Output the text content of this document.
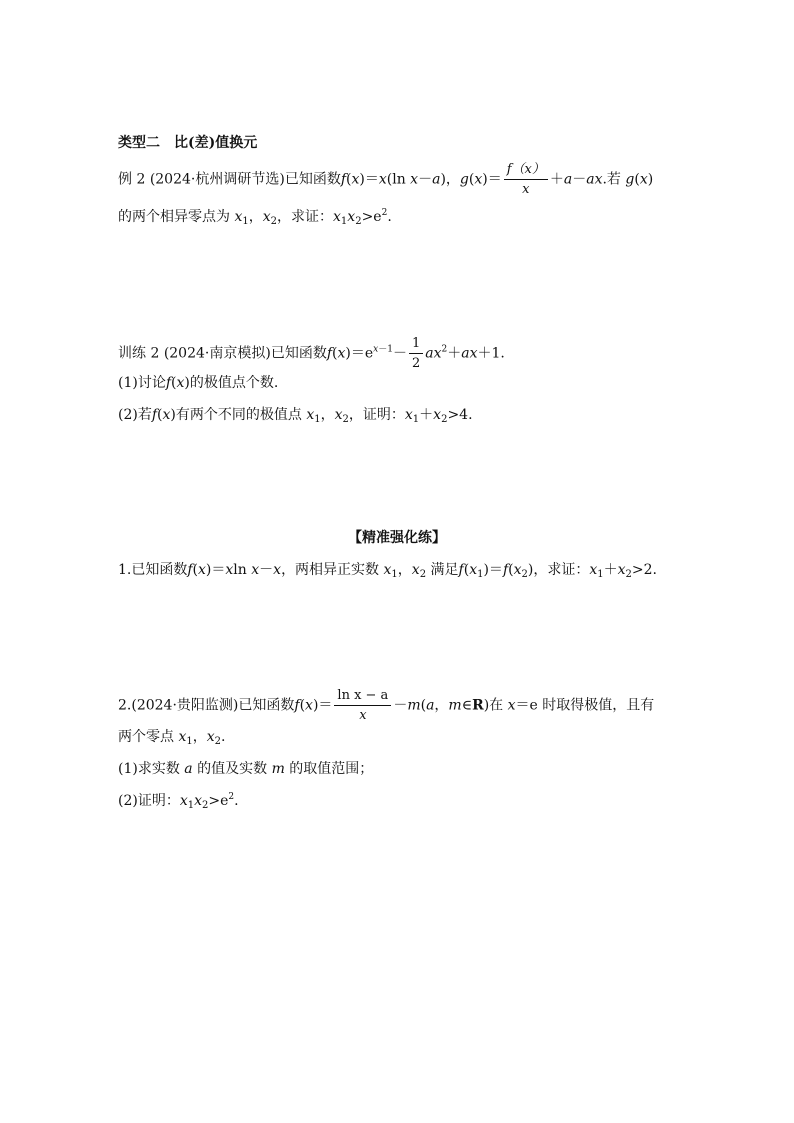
类型二　比(差)值换元
例 2 (2024·杭州调研节选)已知函数f(x)＝x(ln x－a)，$g(x)= \frac{f(x)}{x} +a-ax$.若 g(x)
的两个相异零点为 $x_1$，$x_2$，求证：$x_1x_2>e^2$.
训练 2 (2024·南京模拟)已知函数$f(x)=e^{x-1}- \frac{1}{2} ax^2+ax+1$.
(1)讨论f(x)的极值点个数.
(2)若f(x)有两个不同的极值点 $x_1$，$x_2$，证明：$x_1+x_2>4$.
【精准强化练】
1.已知函数f(x)＝xln x－x，两相异正实数 $x_1$，$x_2$ 满足$f(x_1)=f(x_2)$，求证：$x_1+x_2>2$.
2.(2024·贵阳监测)已知函数$f(x)= \frac{\text{ln x − a}}{x} -m(a$，m∈R)在 x＝e 时取得极值，且有
两个零点 $x_1$，$x_2$.
(1)求实数 a 的值及实数 m 的取值范围；
(2)证明：$x_1x_2>e^2$.
